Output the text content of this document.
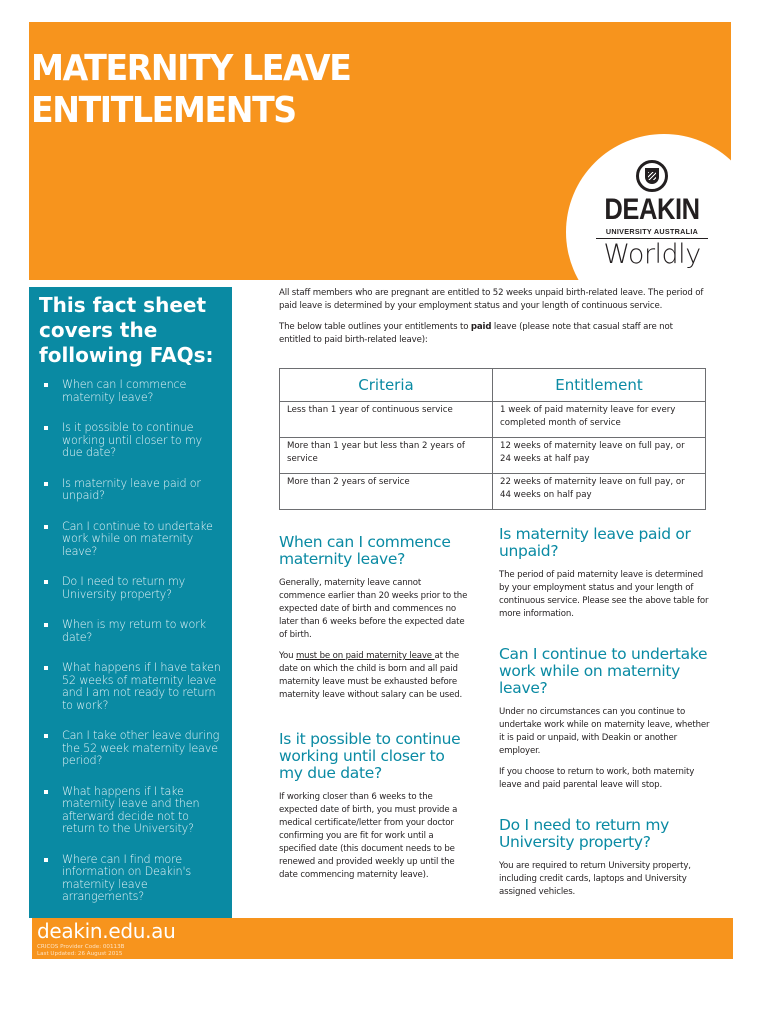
MATERNITY LEAVE
ENTITLEMENTS
DEAKIN
UNIVERSITY AUSTRALIA
Worldly
This fact sheet covers the following FAQs:
When can I commence maternity leave?
Is it possible to continue working until closer to my due date?
Is maternity leave paid or unpaid?
Can I continue to undertake work while on maternity leave?
Do I need to return my University property?
When is my return to work date?
What happens if I have taken 52 weeks of maternity leave and I am not ready to return to work?
Can I take other leave during the 52 week maternity leave period?
What happens if I take maternity leave and then afterward decide not to return to the University?
Where can I find more information on Deakin's maternity leave arrangements?
deakin.edu.au
CRICOS Provider Code: 00113B
Last Updated: 26 August 2015

All staff members who are pregnant are entitled to 52 weeks unpaid birth-related leave. The period of paid leave is determined by your employment status and your length of continuous service.

The below table outlines your entitlements to paid leave (please note that casual staff are not entitled to paid birth-related leave):

Criteria	Entitlement
Less than 1 year of continuous service	1 week of paid maternity leave for every completed month of service
More than 1 year but less than 2 years of service	12 weeks of maternity leave on full pay, or 24 weeks at half pay
More than 2 years of service	22 weeks of maternity leave on full pay, or 44 weeks on half pay
When can I commence maternity leave?

Generally, maternity leave cannot commence earlier than 20 weeks prior to the expected date of birth and commences no later than 6 weeks before the expected date of birth.

You must be on paid maternity leave at the date on which the child is born and all paid maternity leave must be exhausted before maternity leave without salary can be used.

Is it possible to continue working until closer to my due date?

If working closer than 6 weeks to the expected date of birth, you must provide a medical certificate/letter from your doctor confirming you are fit for work until a specified date (this document needs to be renewed and provided weekly up until the date commencing maternity leave).

Is maternity leave paid or unpaid?

The period of paid maternity leave is determined by your employment status and your length of continuous service. Please see the above table for more information.

Can I continue to undertake work while on maternity leave?

Under no circumstances can you continue to undertake work while on maternity leave, whether it is paid or unpaid, with Deakin or another employer.

If you choose to return to work, both maternity leave and paid parental leave will stop.

Do I need to return my University property?

You are required to return University property, including credit cards, laptops and University assigned vehicles.
